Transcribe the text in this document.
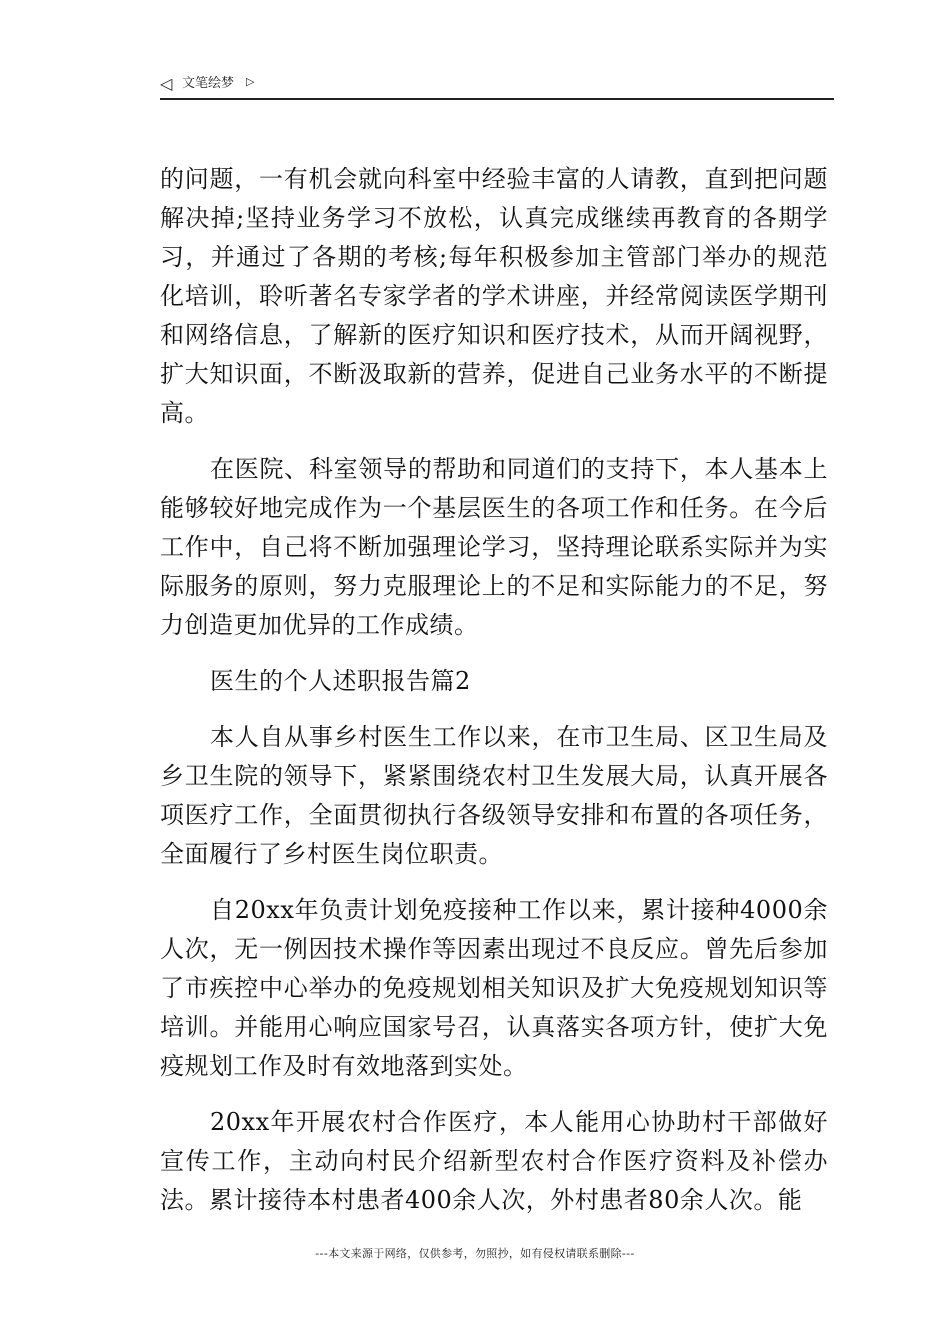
◁ 文笔绘梦 ▷

的问题，一有机会就向科室中经验丰富的人请教，直到把问题解决掉;坚持业务学习不放松，认真完成继续再教育的各期学习，并通过了各期的考核;每年积极参加主管部门举办的规范化培训，聆听著名专家学者的学术讲座，并经常阅读医学期刊和网络信息，了解新的医疗知识和医疗技术，从而开阔视野，扩大知识面，不断汲取新的营养，促进自己业务水平的不断提高。

在医院、科室领导的帮助和同道们的支持下，本人基本上能够较好地完成作为一个基层医生的各项工作和任务。在今后工作中，自己将不断加强理论学习，坚持理论联系实际并为实际服务的原则，努力克服理论上的不足和实际能力的不足，努力创造更加优异的工作成绩。

医生的个人述职报告篇2

本人自从事乡村医生工作以来，在市卫生局、区卫生局及乡卫生院的领导下，紧紧围绕农村卫生发展大局，认真开展各项医疗工作，全面贯彻执行各级领导安排和布置的各项任务，全面履行了乡村医生岗位职责。

自20xx年负责计划免疫接种工作以来，累计接种4000余人次，无一例因技术操作等因素出现过不良反应。曾先后参加了市疾控中心举办的免疫规划相关知识及扩大免疫规划知识等培训。并能用心响应国家号召，认真落实各项方针，使扩大免疫规划工作及时有效地落到实处。

20xx年开展农村合作医疗，本人能用心协助村干部做好宣传工作，主动向村民介绍新型农村合作医疗资料及补偿办法。累计接待本村患者400余人次，外村患者80余人次。能

---本文来源于网络，仅供参考，勿照抄，如有侵权请联系删除---
